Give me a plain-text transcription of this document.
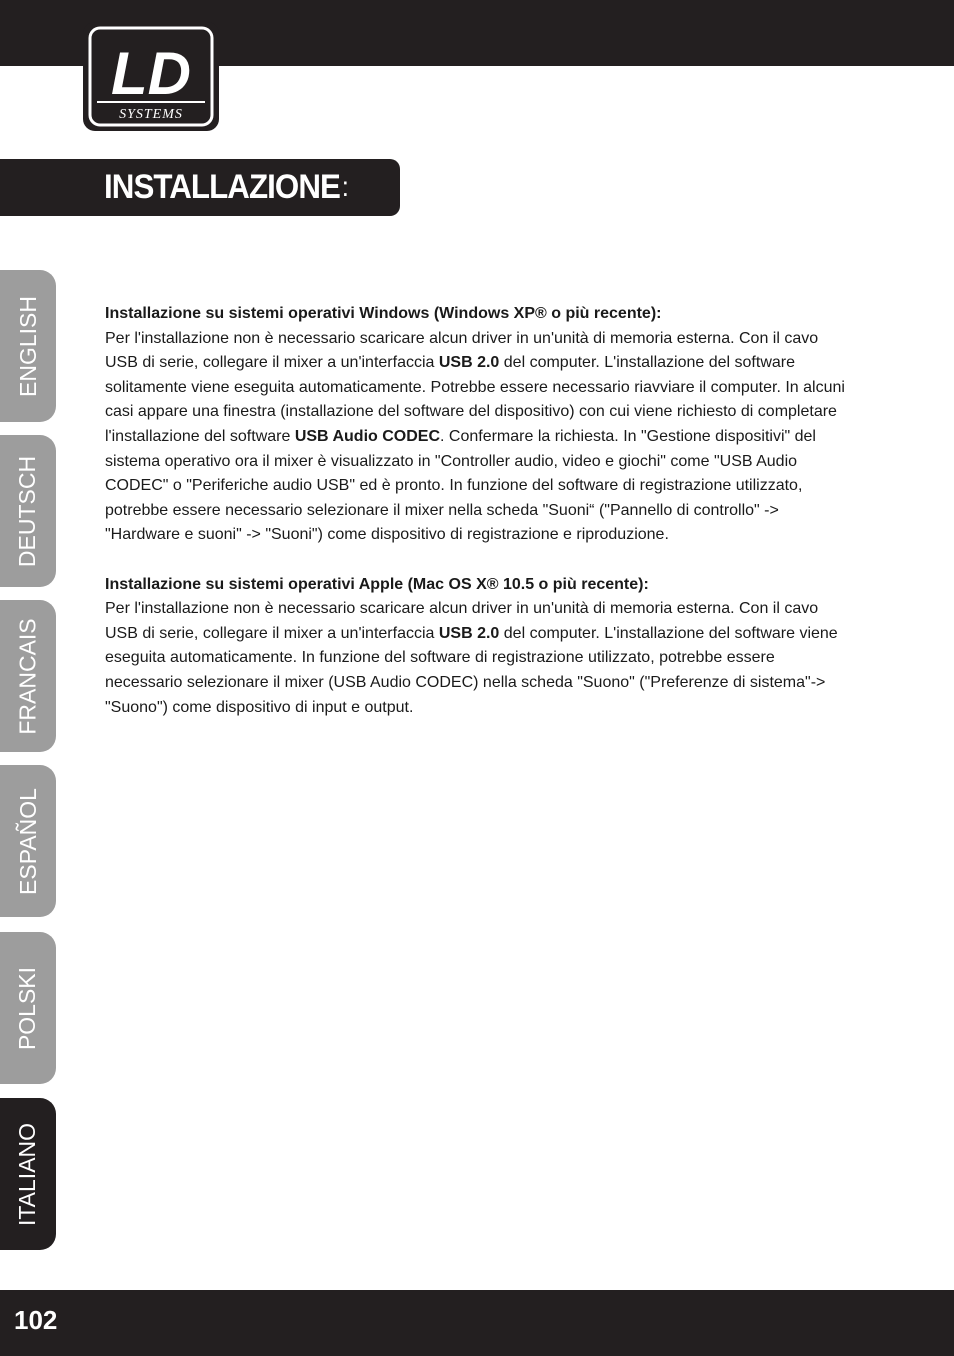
LD
SYSTEMS
INSTALLAZIONE :
ENGLISH
DEUTSCH
FRANCAIS
ESPAÑOL
POLSKI
ITALIANO

Installazione su sistemi operativi Windows (Windows XP® o più recente):

Per l'installazione non è necessario scaricare alcun driver in un'unità di memoria esterna. Con il cavo USB di serie, collegare il mixer a un'interfaccia USB 2.0 del computer. L'installazione del software solitamente viene eseguita automaticamente. Potrebbe essere necessario riavviare il computer. In alcuni casi appare una finestra (installazione del software del dispositivo) con cui viene richiesto di completare l'installazione del software USB Audio CODEC. Confermare la richiesta. In "Gestione dispositivi" del sistema operativo ora il mixer è visualizzato in "Controller audio, video e giochi" come "USB Audio CODEC" o "Periferiche audio USB" ed è pronto. In funzione del software di registrazione utilizzato, potrebbe essere necessario selezionare il mixer nella scheda "Suoni“ ("Pannello di controllo" -> "Hardware e suoni" -> "Suoni") come dispositivo di registrazione e riproduzione.

Installazione su sistemi operativi Apple (Mac OS X® 10.5 o più recente):

Per l'installazione non è necessario scaricare alcun driver in un'unità di memoria esterna. Con il cavo USB di serie, collegare il mixer a un'interfaccia USB 2.0 del computer. L'installazione del software viene eseguita automaticamente. In funzione del software di registrazione utilizzato, potrebbe essere necessario selezionare il mixer (USB Audio CODEC) nella scheda "Suono" ("Preferenze di sistema"-> "Suono") come dispositivo di input e output.

102
